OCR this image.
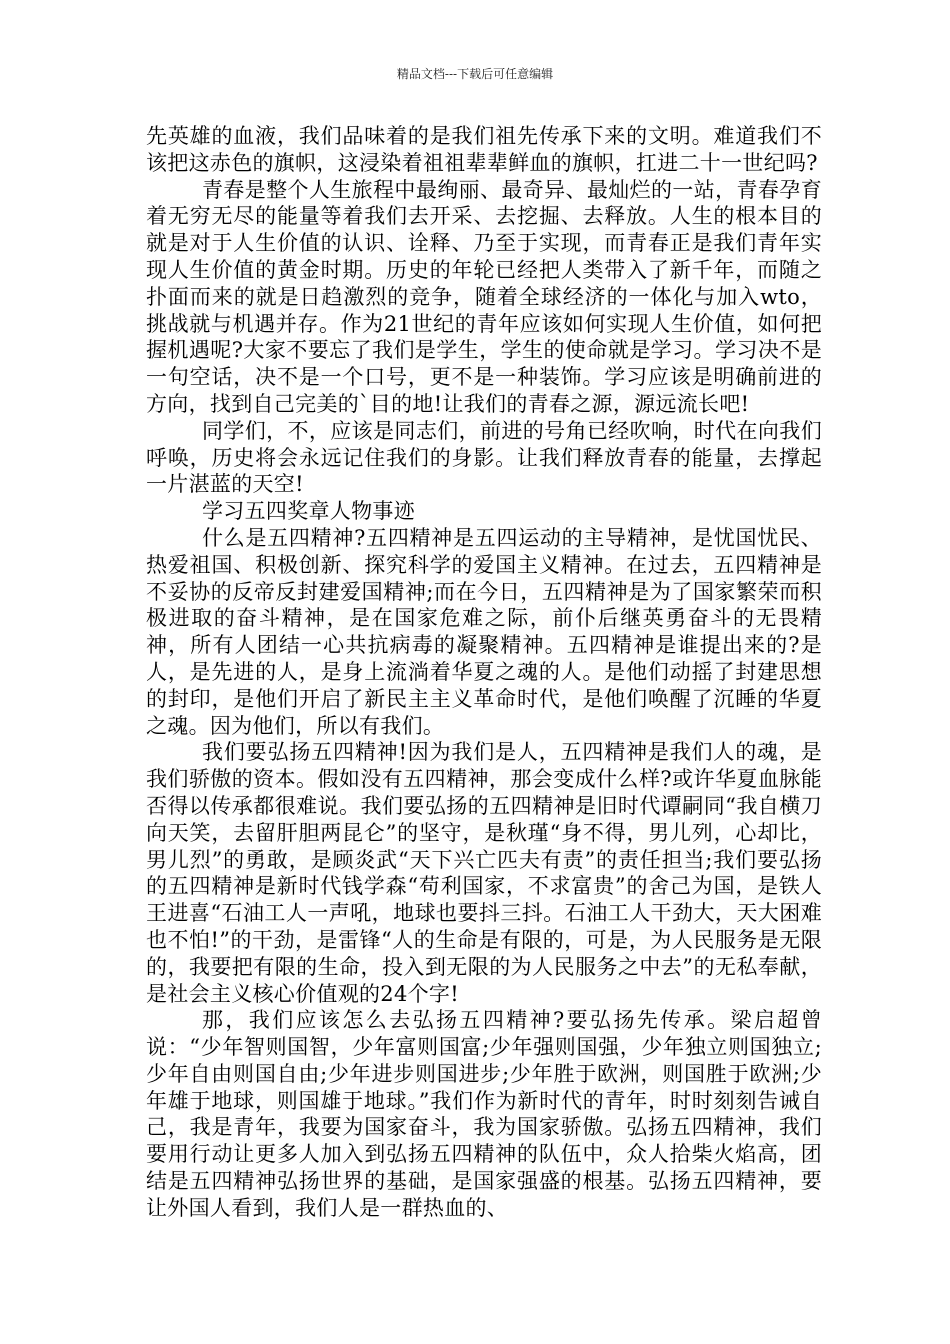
精品文档---下载后可任意编辑

先英雄的血液，我们品味着的是我们祖先传承下来的文明。难道我们不该把这赤色的旗帜，这浸染着祖祖辈辈鲜血的旗帜，扛进二十一世纪吗?

青春是整个人生旅程中最绚丽、最奇异、最灿烂的一站，青春孕育着无穷无尽的能量等着我们去开采、去挖掘、去释放。人生的根本目的就是对于人生价值的认识、诠释、乃至于实现，而青春正是我们青年实现人生价值的黄金时期。历史的年轮已经把人类带入了新千年，而随之扑面而来的就是日趋激烈的竞争，随着全球经济的一体化与加入wto，挑战就与机遇并存。作为21世纪的青年应该如何实现人生价值，如何把握机遇呢?大家不要忘了我们是学生，学生的使命就是学习。学习决不是一句空话，决不是一个口号，更不是一种装饰。学习应该是明确前进的方向，找到自己完美的`目的地!让我们的青春之源，源远流长吧!

同学们，不，应该是同志们，前进的号角已经吹响，时代在向我们呼唤，历史将会永远记住我们的身影。让我们释放青春的能量，去撑起一片湛蓝的天空!

学习五四奖章人物事迹

什么是五四精神?五四精神是五四运动的主导精神，是忧国忧民、热爱祖国、积极创新、探究科学的爱国主义精神。在过去，五四精神是不妥协的反帝反封建爱国精神;而在今日，五四精神是为了国家繁荣而积极进取的奋斗精神，是在国家危难之际，前仆后继英勇奋斗的无畏精神，所有人团结一心共抗病毒的凝聚精神。五四精神是谁提出来的?是人，是先进的人，是身上流淌着华夏之魂的人。是他们动摇了封建思想的封印，是他们开启了新民主主义革命时代，是他们唤醒了沉睡的华夏之魂。因为他们，所以有我们。

我们要弘扬五四精神!因为我们是人，五四精神是我们人的魂，是我们骄傲的资本。假如没有五四精神，那会变成什么样?或许华夏血脉能否得以传承都很难说。我们要弘扬的五四精神是旧时代谭嗣同“我自横刀向天笑，去留肝胆两昆仑”的坚守，是秋瑾“身不得，男儿列，心却比，男儿烈”的勇敢，是顾炎武“天下兴亡匹夫有责”的责任担当;我们要弘扬的五四精神是新时代钱学森“苟利国家，不求富贵”的舍己为国，是铁人王进喜“石油工人一声吼，地球也要抖三抖。石油工人干劲大，天大困难也不怕!”的干劲，是雷锋“人的生命是有限的，可是，为人民服务是无限的，我要把有限的生命，投入到无限的为人民服务之中去”的无私奉献，是社会主义核心价值观的24个字!

那，我们应该怎么去弘扬五四精神?要弘扬先传承。梁启超曾说：“少年智则国智，少年富则国富;少年强则国强，少年独立则国独立;少年自由则国自由;少年进步则国进步;少年胜于欧洲，则国胜于欧洲;少年雄于地球，则国雄于地球。”我们作为新时代的青年，时时刻刻告诫自己，我是青年，我要为国家奋斗，我为国家骄傲。弘扬五四精神，我们要用行动让更多人加入到弘扬五四精神的队伍中，众人拾柴火焰高，团结是五四精神弘扬世界的基础，是国家强盛的根基。弘扬五四精神，要让外国人看到，我们人是一群热血的、
